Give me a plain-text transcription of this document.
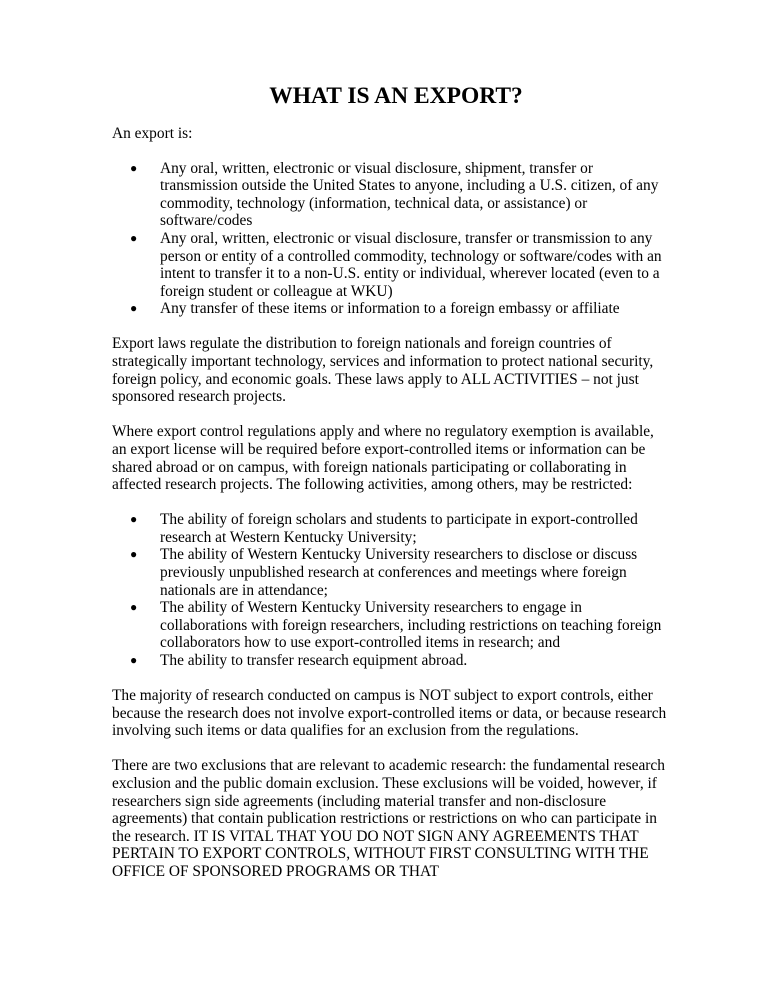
WHAT IS AN EXPORT?

An export is:

● Any oral, written, electronic or visual disclosure, shipment, transfer or transmission outside the United States to anyone, including a U.S. citizen, of any commodity, technology (information, technical data, or assistance) or software/codes
● Any oral, written, electronic or visual disclosure, transfer or transmission to any person or entity of a controlled commodity, technology or software/codes with an intent to transfer it to a non-U.S. entity or individual, wherever located (even to a foreign student or colleague at WKU)
● Any transfer of these items or information to a foreign embassy or affiliate

Export laws regulate the distribution to foreign nationals and foreign countries of strategically important technology, services and information to protect national security, foreign policy, and economic goals. These laws apply to ALL ACTIVITIES – not just sponsored research projects.

Where export control regulations apply and where no regulatory exemption is available, an export license will be required before export-controlled items or information can be shared abroad or on campus, with foreign nationals participating or collaborating in affected research projects. The following activities, among others, may be restricted:

● The ability of foreign scholars and students to participate in export-controlled research at Western Kentucky University;
● The ability of Western Kentucky University researchers to disclose or discuss previously unpublished research at conferences and meetings where foreign nationals are in attendance;
● The ability of Western Kentucky University researchers to engage in collaborations with foreign researchers, including restrictions on teaching foreign collaborators how to use export-controlled items in research; and
● The ability to transfer research equipment abroad.

The majority of research conducted on campus is NOT subject to export controls, either because the research does not involve export-controlled items or data, or because research involving such items or data qualifies for an exclusion from the regulations.

There are two exclusions that are relevant to academic research: the fundamental research exclusion and the public domain exclusion. These exclusions will be voided, however, if researchers sign side agreements (including material transfer and non-disclosure agreements) that contain publication restrictions or restrictions on who can participate in the research. IT IS VITAL THAT YOU DO NOT SIGN ANY AGREEMENTS THAT PERTAIN TO EXPORT CONTROLS, WITHOUT FIRST CONSULTING WITH THE OFFICE OF SPONSORED PROGRAMS OR THAT
